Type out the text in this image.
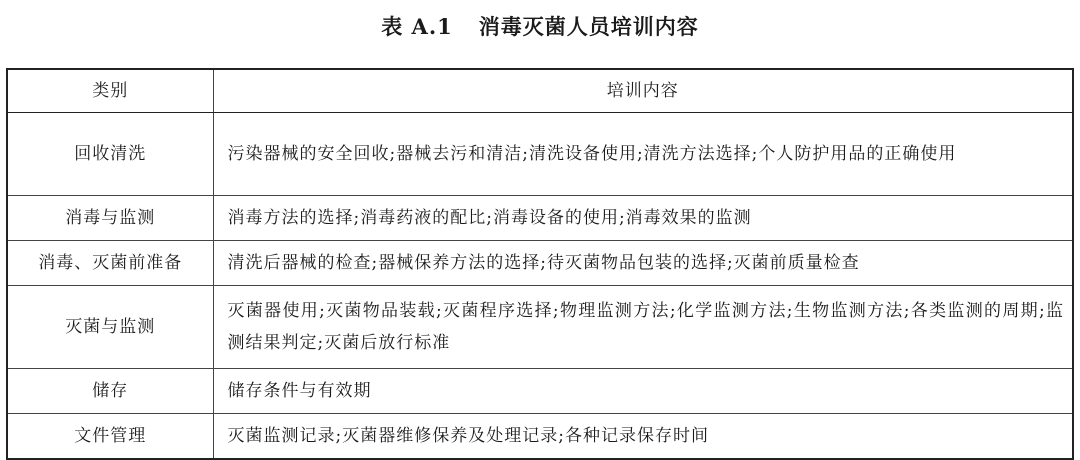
表 A.1 消毒灭菌人员培训内容
类别	培训内容
回收清洗	污染器械的安全回收;器械去污和清洁;清洗设备使用;清洗方法选择;个人防护用品的正确使用
消毒与监测	消毒方法的选择;消毒药液的配比;消毒设备的使用;消毒效果的监测
消毒、灭菌前准备	清洗后器械的检查;器械保养方法的选择;待灭菌物品包装的选择;灭菌前质量检查
灭菌与监测	灭菌器使用;灭菌物品装载;灭菌程序选择;物理监测方法;化学监测方法;生物监测方法;各类监测的周期;监测结果判定;灭菌后放行标准
储存	储存条件与有效期
文件管理	灭菌监测记录;灭菌器维修保养及处理记录;各种记录保存时间
